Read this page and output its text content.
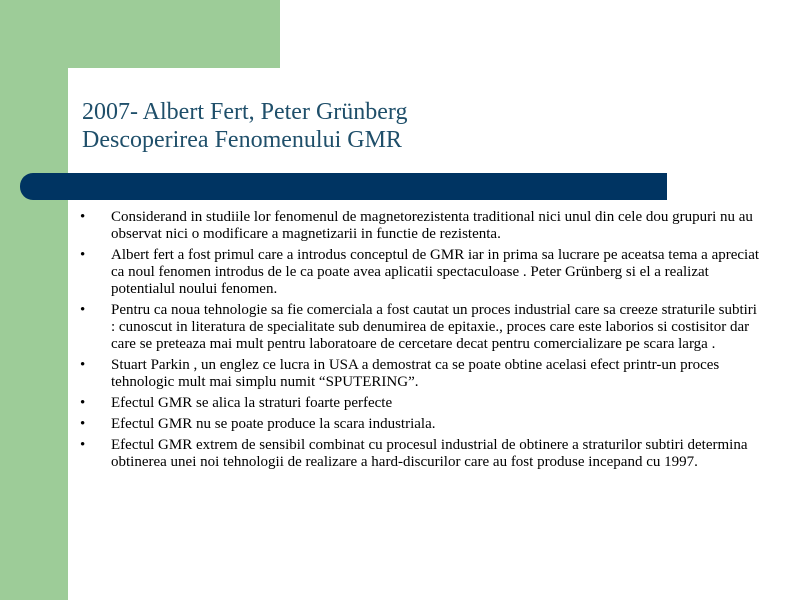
2007- Albert Fert, Peter Grünberg
Descoperirea Fenomenului GMR
• Considerand in studiile lor fenomenul de magnetorezistenta traditional nici unul din cele dou grupuri nu au observat nici o modificare a magnetizarii in functie de rezistenta.
• Albert fert a fost primul care a introdus conceptul de GMR iar in prima sa lucrare pe aceatsa tema a apreciat ca noul fenomen introdus de le ca poate avea aplicatii spectaculoase . Peter Grünberg si el a realizat potentialul noului fenomen.
• Pentru ca noua tehnologie sa fie comerciala a fost cautat un proces industrial care sa creeze straturile subtiri : cunoscut in literatura de specialitate sub denumirea de epitaxie., proces care este laborios si costisitor dar care se preteaza mai mult pentru laboratoare de cercetare decat pentru comercializare pe scara larga .
• Stuart Parkin , un englez ce lucra in USA a demostrat ca se poate obtine acelasi efect printr-un proces tehnologic mult mai simplu numit “SPUTERING”.
• Efectul GMR se alica la straturi foarte perfecte
• Efectul GMR nu se poate produce la scara industriala.
• Efectul GMR extrem de sensibil combinat cu procesul industrial de obtinere a straturilor subtiri determina obtinerea unei noi tehnologii de realizare a hard-discurilor care au fost produse incepand cu 1997.
